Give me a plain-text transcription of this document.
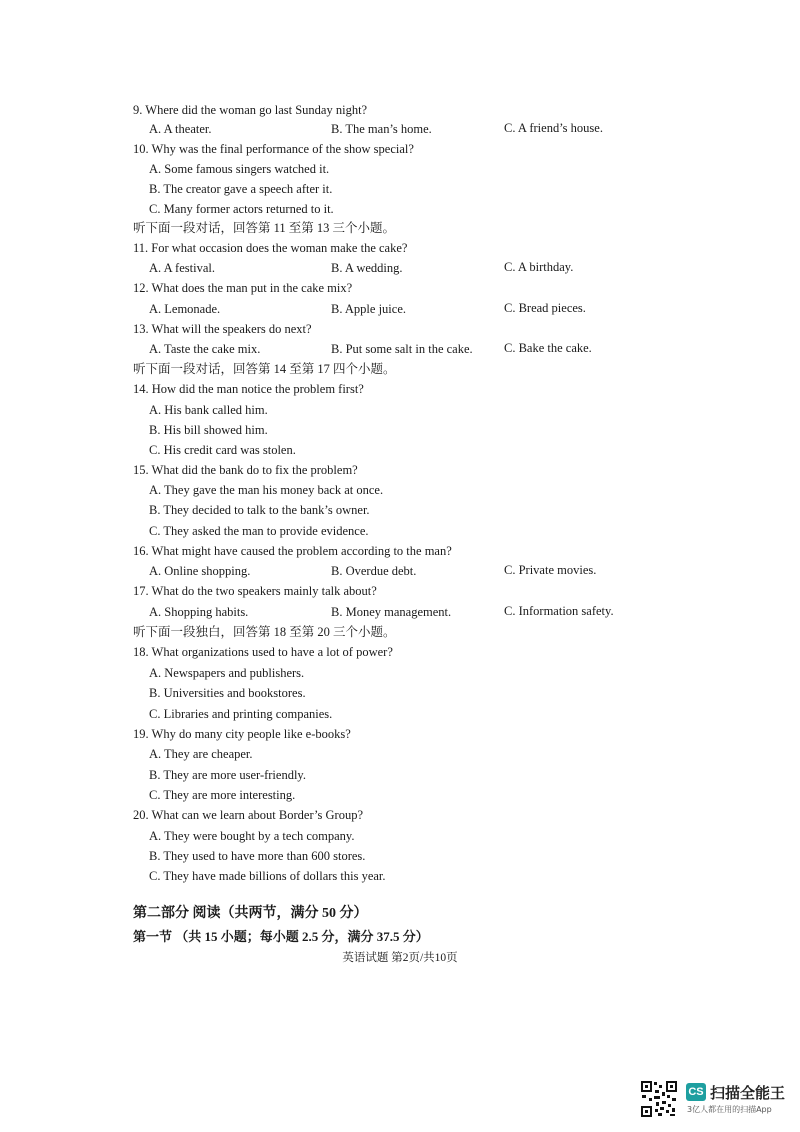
9. Where did the woman go last Sunday night?
A. A theater.	B. The man’s home.	C. A friend’s house.
10. Why was the final performance of the show special?
A. Some famous singers watched it.
B. The creator gave a speech after it.
C. Many former actors returned to it.
听下面一段对话，回答第 11 至第 13 三个小题。
11. For what occasion does the woman make the cake?
A. A festival.	B. A wedding.	C. A birthday.
12. What does the man put in the cake mix?
A. Lemonade.	B. Apple juice.	C. Bread pieces.
13. What will the speakers do next?
A. Taste the cake mix.	B. Put some salt in the cake.	C. Bake the cake.
听下面一段对话，回答第 14 至第 17 四个小题。
14. How did the man notice the problem first?
A. His bank called him.
B. His bill showed him.
C. His credit card was stolen.
15. What did the bank do to fix the problem?
A. They gave the man his money back at once.
B. They decided to talk to the bank’s owner.
C. They asked the man to provide evidence.
16. What might have caused the problem according to the man?
A. Online shopping.	B. Overdue debt.	C. Private movies.
17. What do the two speakers mainly talk about?
A. Shopping habits.	B. Money management.	C. Information safety.
听下面一段独白，回答第 18 至第 20 三个小题。
18. What organizations used to have a lot of power?
A. Newspapers and publishers.
B. Universities and bookstores.
C. Libraries and printing companies.
19. Why do many city people like e-books?
A. They are cheaper.
B. They are more user-friendly.
C. They are more interesting.
20. What can we learn about Border’s Group?
A. They were bought by a tech company.
B. They used to have more than 600 stores.
C. They have made billions of dollars this year.
第二部分 阅读（共两节，满分 50 分）
第一节 （共 15 小题；每小题 2.5 分，满分 37.5 分）
英语试题 第2页/共10页
CS 扫描全能王
3亿人都在用的扫描App
